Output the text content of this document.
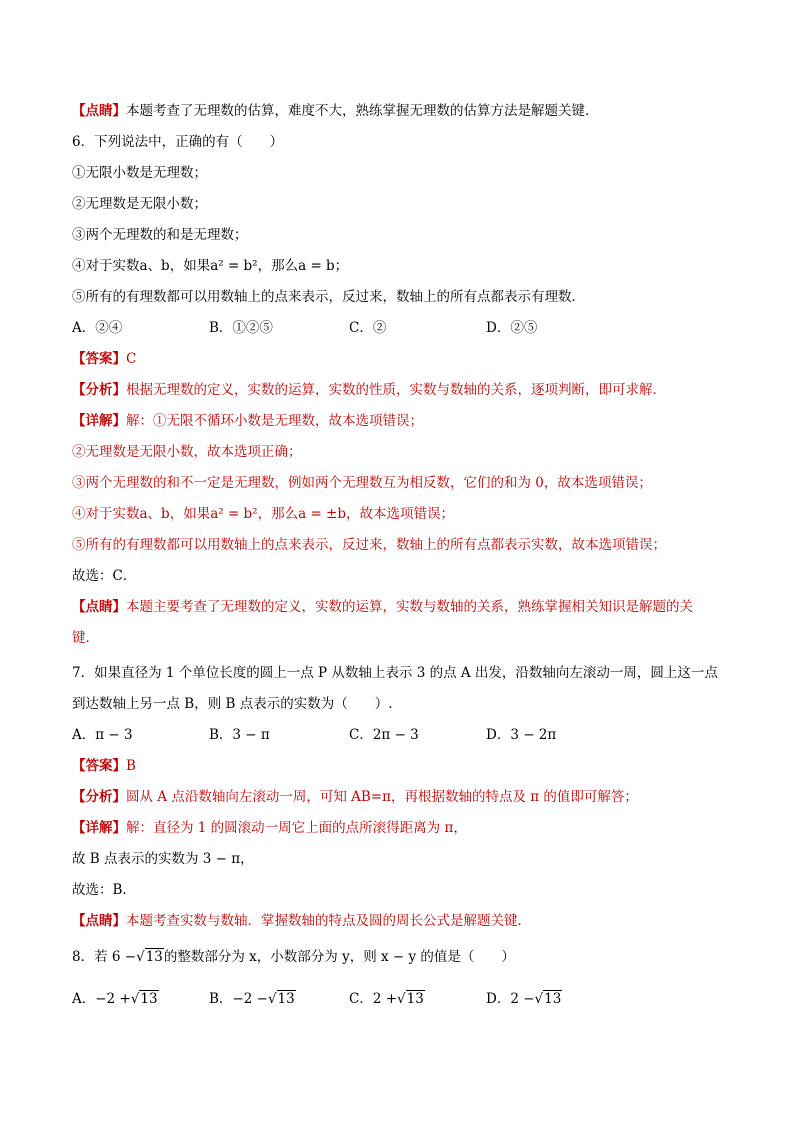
【点睛】本题考查了无理数的估算，难度不大，熟练掌握无理数的估算方法是解题关键．
6．下列说法中，正确的有（　　）
①无限小数是无理数；
②无理数是无限小数；
③两个无理数的和是无理数；
④对于实数a、b，如果a² = b²，那么a = b；
⑤所有的有理数都可以用数轴上的点来表示，反过来，数轴上的所有点都表示有理数．
A．②④	B．①②⑤	C．②	D．②⑤
【答案】C
【分析】根据无理数的定义，实数的运算，实数的性质，实数与数轴的关系，逐项判断，即可求解．
【详解】解：①无限不循环小数是无理数，故本选项错误；
②无理数是无限小数，故本选项正确；
③两个无理数的和不一定是无理数，例如两个无理数互为相反数，它们的和为 0，故本选项错误；
④对于实数a、b，如果a² = b²，那么a = ±b，故本选项错误；
⑤所有的有理数都可以用数轴上的点来表示，反过来，数轴上的所有点都表示实数，故本选项错误；
故选：C．
【点睛】本题主要考查了无理数的定义，实数的运算，实数与数轴的关系，熟练掌握相关知识是解题的关
键．
7．如果直径为 1 个单位长度的圆上一点 P 从数轴上表示 3 的点 A 出发，沿数轴向左滚动一周，圆上这一点
到达数轴上另一点 B，则 B 点表示的实数为（　　）.
A．π − 3	B．3 − π	C．2π − 3	D．3 − 2π
【答案】B
【分析】圆从 A 点沿数轴向左滚动一周，可知 AB=π，再根据数轴的特点及 π 的值即可解答；
【详解】解：直径为 1 的圆滚动一周它上面的点所滚得距离为 π，
故 B 点表示的实数为 3 − π，
故选：B．
【点睛】本题考查实数与数轴．掌握数轴的特点及圆的周长公式是解题关键．
8．若 6 −√13的整数部分为 x，小数部分为 y，则 x − y 的值是（　　）
A．−2 +√13	B．−2 −√13	C．2 +√13	D．2 −√13
